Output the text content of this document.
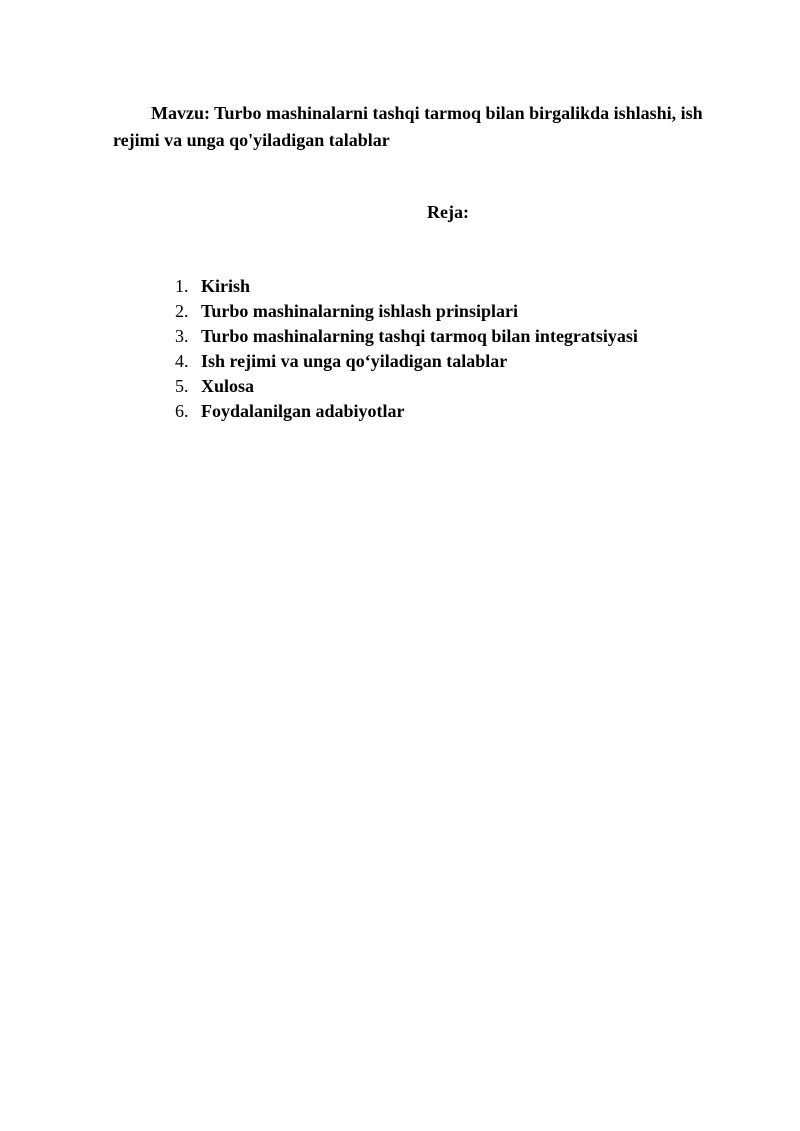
Mavzu: Turbo mashinalarni tashqi tarmoq bilan birgalikda ishlashi, ish rejimi va unga qo'yiladigan talablar

Reja:

1. Kirish
2. Turbo mashinalarning ishlash prinsiplari
3. Turbo mashinalarning tashqi tarmoq bilan integratsiyasi
4. Ish rejimi va unga qo‘yiladigan talablar
5. Xulosa
6. Foydalanilgan adabiyotlar
